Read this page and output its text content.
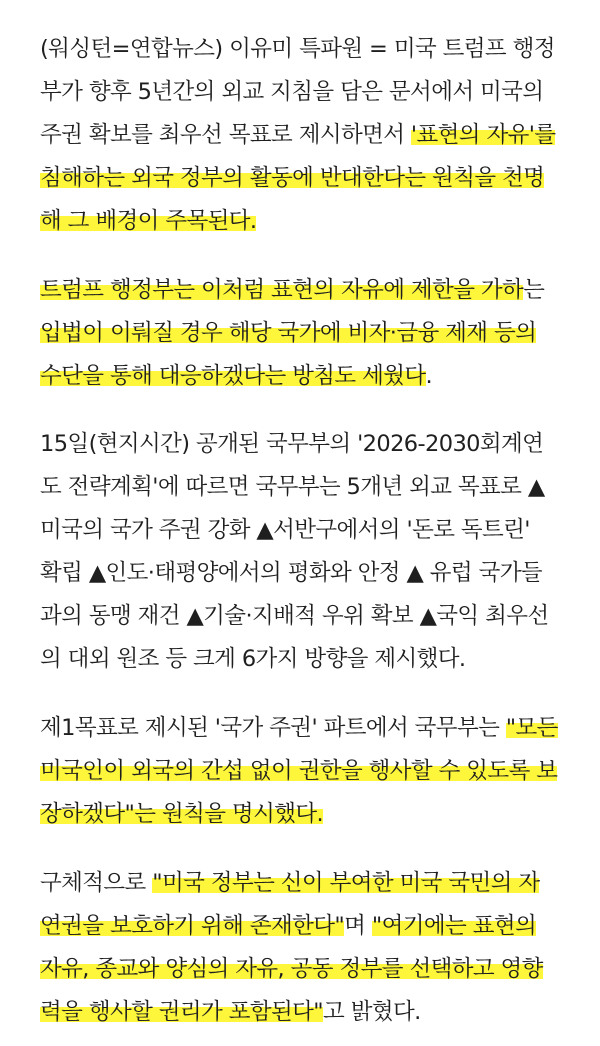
(워싱턴=연합뉴스) 이유미 특파원 = 미국 트럼프 행정
부가 향후 5년간의 외교 지침을 담은 문서에서 미국의
주권 확보를 최우선 목표로 제시하면서 '표현의 자유'를
침해하는 외국 정부의 활동에 반대한다는 원칙을 천명
해 그 배경이 주목된다.
트럼프 행정부는 이처럼 표현의 자유에 제한을 가하는
입법이 이뤄질 경우 해당 국가에 비자·금융 제재 등의
수단을 통해 대응하겠다는 방침도 세웠다.
15일(현지시간) 공개된 국무부의 '2026-2030회계연
도 전략계획'에 따르면 국무부는 5개년 외교 목표로 ▲
미국의 국가 주권 강화 ▲서반구에서의 '돈로 독트린'
확립 ▲인도·태평양에서의 평화와 안정 ▲ 유럽 국가들
과의 동맹 재건 ▲기술·지배적 우위 확보 ▲국익 최우선
의 대외 원조 등 크게 6가지 방향을 제시했다.
제1목표로 제시된 '국가 주권' 파트에서 국무부는 "모든
미국인이 외국의 간섭 없이 권한을 행사할 수 있도록 보
장하겠다"는 원칙을 명시했다.
구체적으로 "미국 정부는 신이 부여한 미국 국민의 자
연권을 보호하기 위해 존재한다"며 "여기에는 표현의
자유, 종교와 양심의 자유, 공동 정부를 선택하고 영향
력을 행사할 권리가 포함된다"고 밝혔다.
